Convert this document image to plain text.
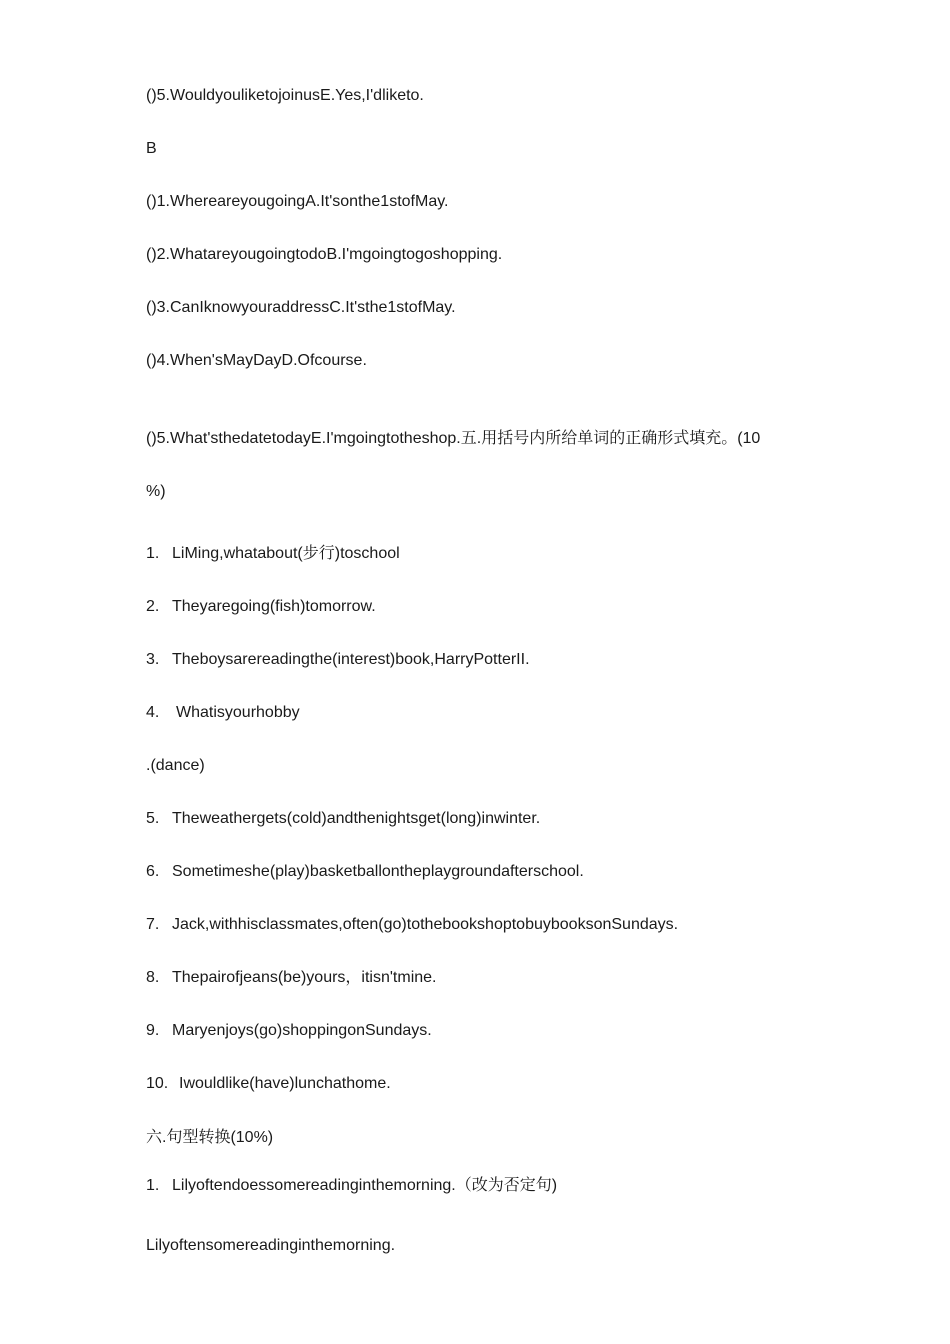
()5.WouldyouliketojoinusE.Yes,I'dliketo.
B
()1.WhereareyougoingA.It'sonthe1stofMay.
()2.WhatareyougoingtodoB.I'mgoingtogoshopping.
()3.CanIknowyouraddressC.It'sthe1stofMay.
()4.When'sMayDayD.Ofcourse.
()5.What'sthedatetodayE.I'mgoingtotheshop.五.用括号内所给单词的正确形式填充。(10
%)
1. LiMing,whatabout(步行)toschool
2. Theyaregoing(fish)tomorrow.
3. Theboysarereadingthe(interest)book,HarryPotterII.
4. Whatisyourhobby
.(dance)
5. Theweathergets(cold)andthenightsget(long)inwinter.
6. Sometimeshe(play)basketballontheplaygroundafterschool.
7. Jack,withhisclassmates,often(go)tothebookshoptobuybooksonSundays.
8. Thepairofjeans(be)yours，itisn'tmine.
9. Maryenjoys(go)shoppingonSundays.
10. Iwouldlike(have)lunchathome.
六.句型转换(10%)
1. Lilyoftendoessomereadinginthemorning.（改为否定句)
Lilyoftensomereadinginthemorning.
